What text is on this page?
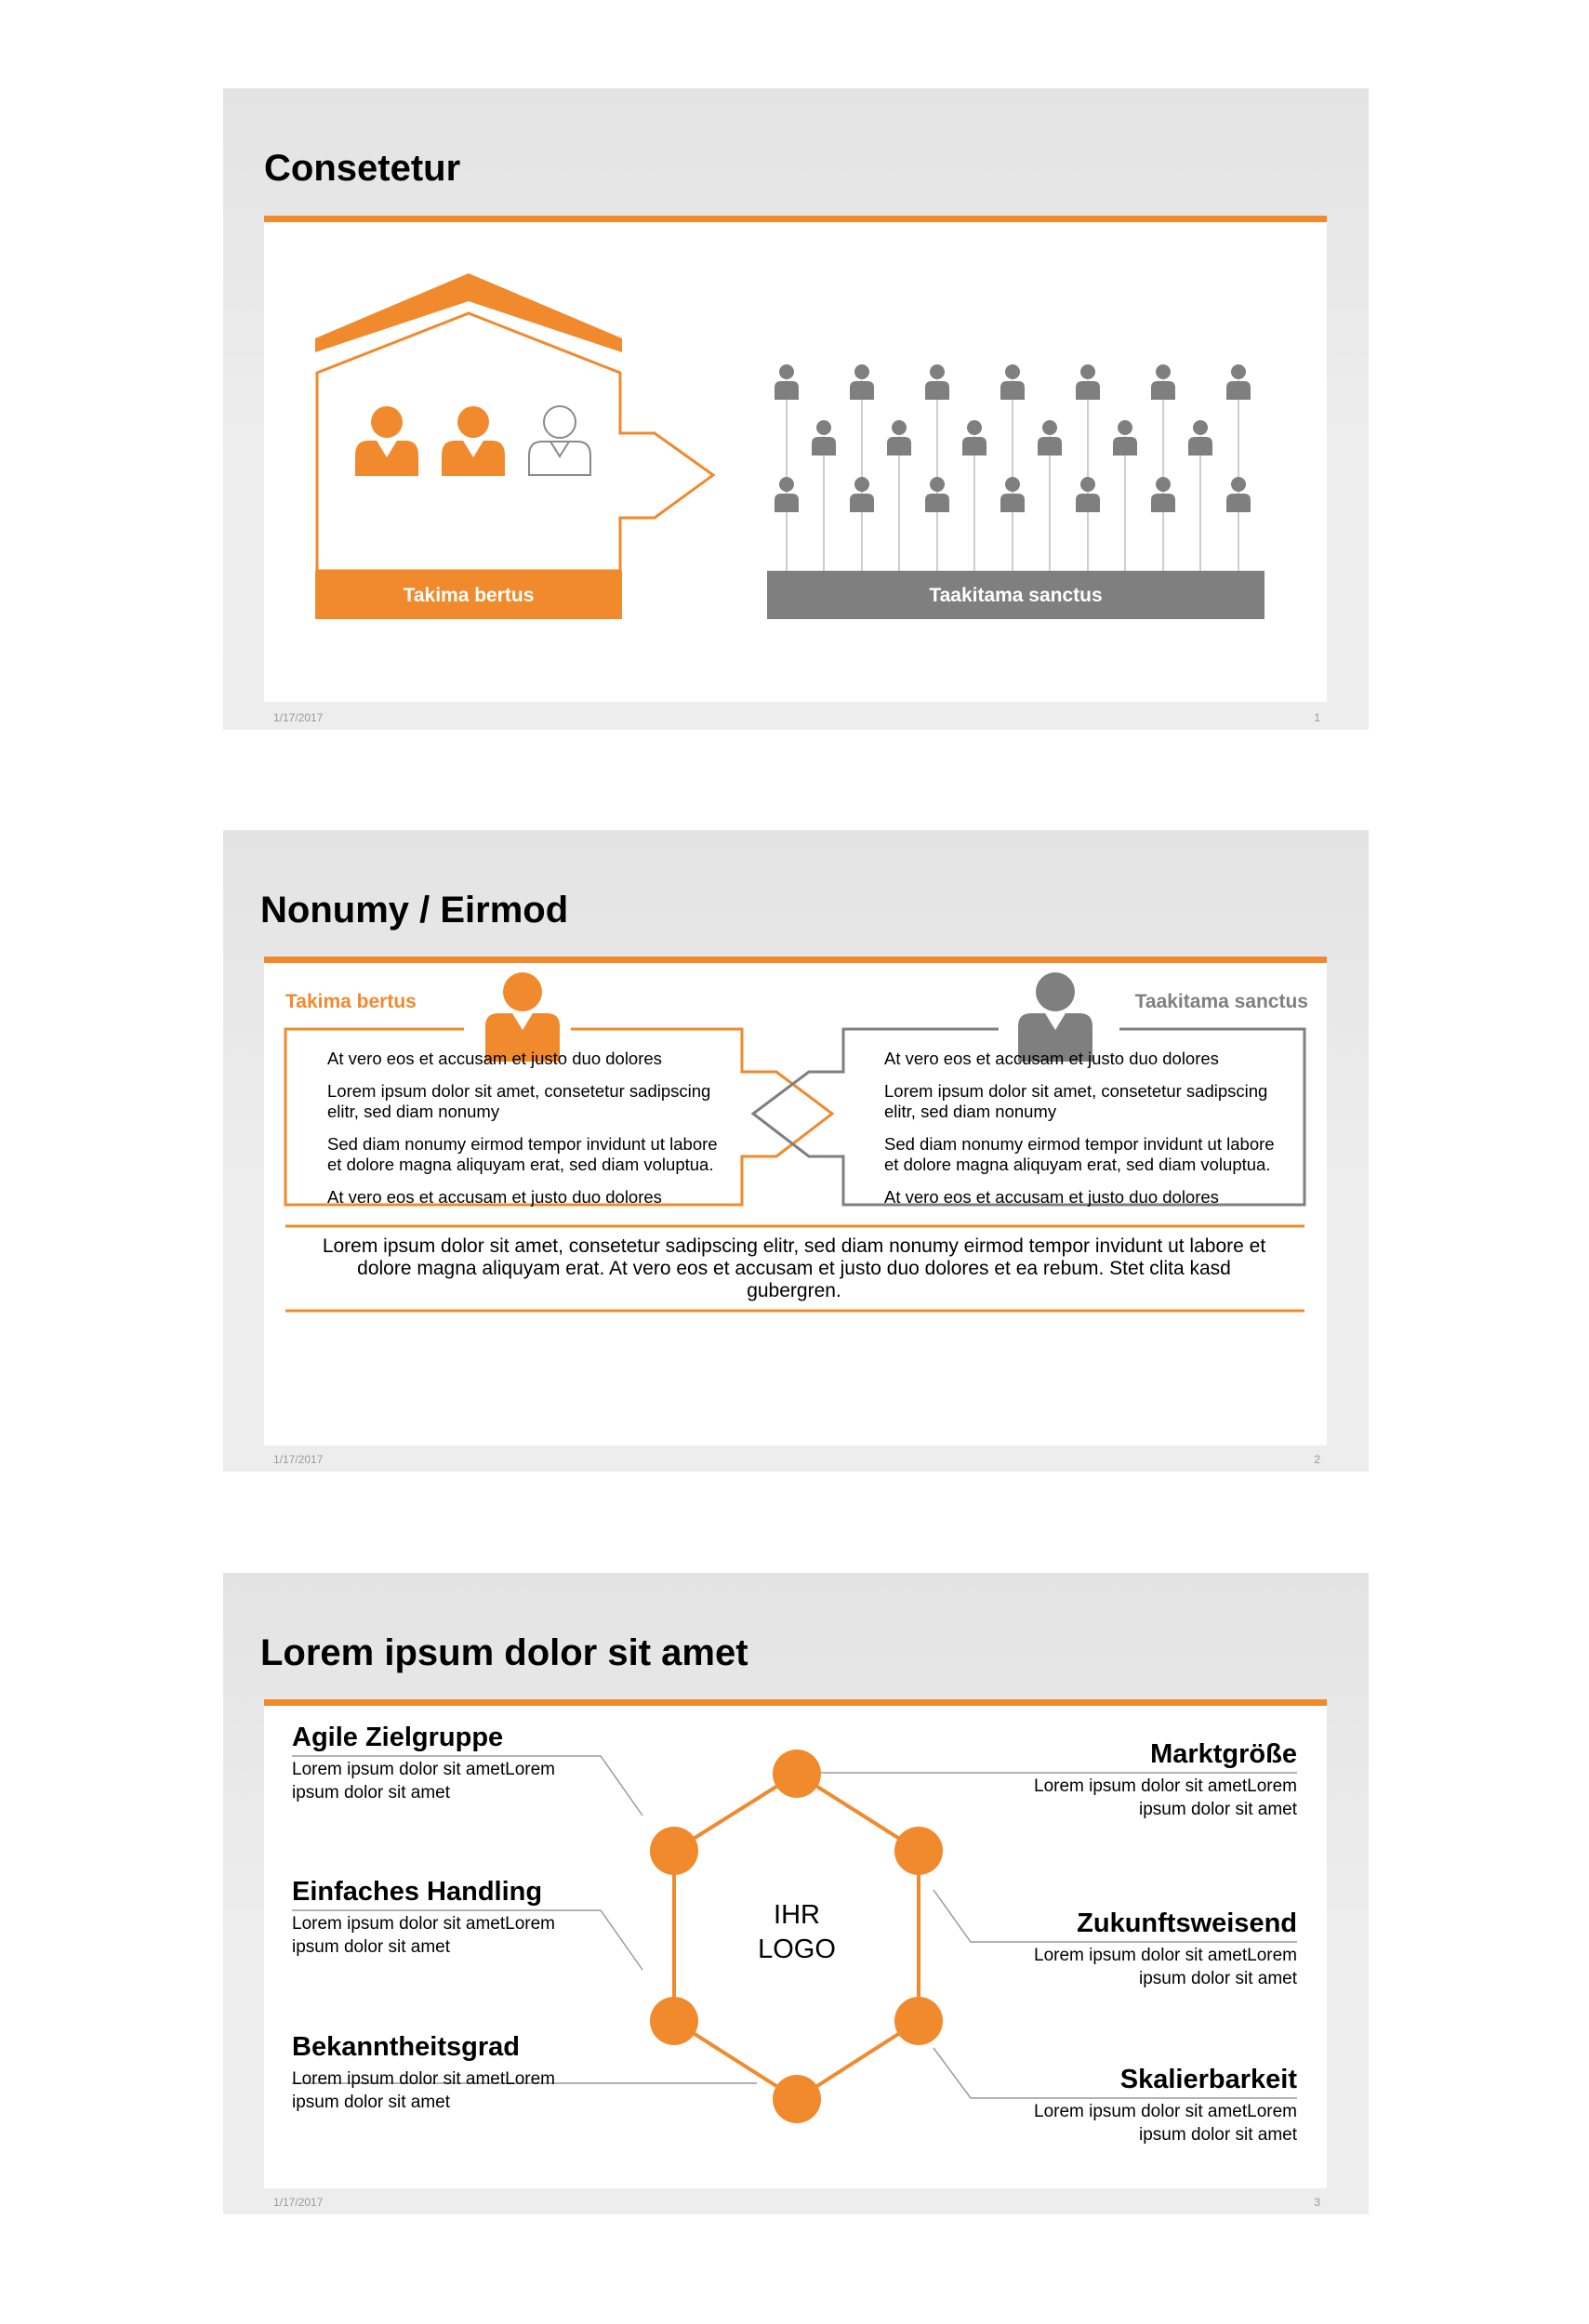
Consetetur
Takima bertus	Taakitama sanctus
1/17/2017	1
Nonumy / Eirmod
Takima bertus	Taakitama sanctus

At vero eos et accusam et justo duo dolores

Lorem ipsum dolor sit amet, consetetur sadipscing elitr, sed diam nonumy

Sed diam nonumy eirmod tempor invidunt ut labore et dolore magna aliquyam erat, sed diam voluptua.

At vero eos et accusam et justo duo dolores

At vero eos et accusam et justo duo dolores

Lorem ipsum dolor sit amet, consetetur sadipscing elitr, sed diam nonumy

Sed diam nonumy eirmod tempor invidunt ut labore et dolore magna aliquyam erat, sed diam voluptua.

At vero eos et accusam et justo duo dolores

Lorem ipsum dolor sit amet, consetetur sadipscing elitr, sed diam nonumy eirmod tempor invidunt ut labore et dolore magna aliquyam erat. At vero eos et accusam et justo duo dolores et ea rebum. Stet clita kasd gubergren.
1/17/2017	2
Lorem ipsum dolor sit amet
IHR
LOGO
Agile Zielgruppe
Lorem ipsum dolor sit ametLorem ipsum dolor sit amet
Einfaches Handling
Lorem ipsum dolor sit ametLorem ipsum dolor sit amet
Bekanntheitsgrad
Lorem ipsum dolor sit ametLorem ipsum dolor sit amet
Marktgröße
Lorem ipsum dolor sit ametLorem ipsum dolor sit amet
Zukunftsweisend
Lorem ipsum dolor sit ametLorem ipsum dolor sit amet
Skalierbarkeit
Lorem ipsum dolor sit ametLorem ipsum dolor sit amet
1/17/2017	3
